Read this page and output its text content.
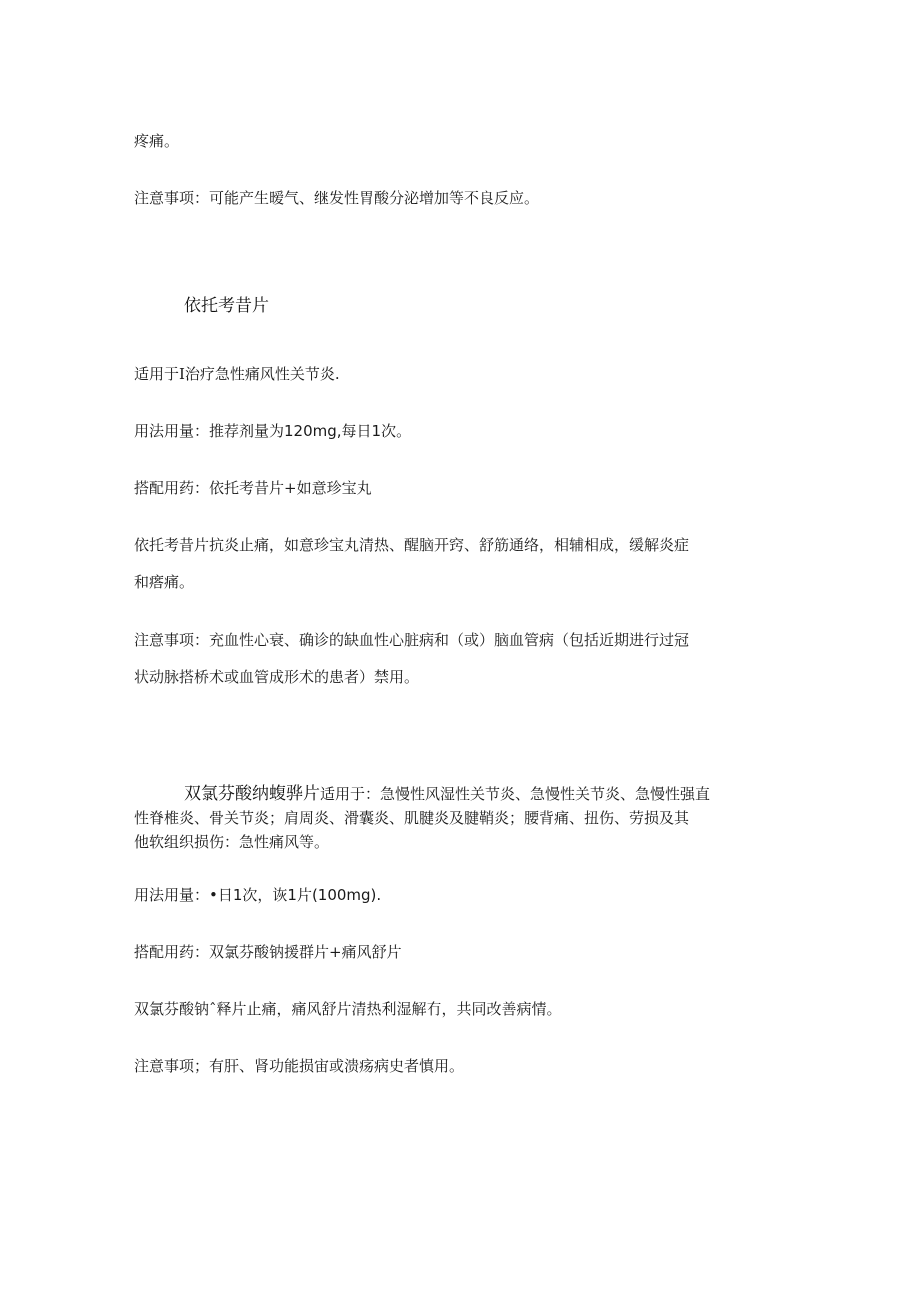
疼痛。
注意事项：可能产生暧气、继发性胃酸分泌增加等不良反应。
依托考昔片
适用于I治疗急性痛风性关节炎.
用法用量：推荐剂量为120mg,每日1次。
搭配用药：依托考昔片+如意珍宝丸
依托考昔片抗炎止痛，如意珍宝丸清热、醒脑开窍、舒筋通络，相辅相成，缓解炎症
和瘩痛。
注意事项：充血性心衰、确诊的缺血性心脏病和（或）脑血管病（包括近期进行过冠
状动脉搭桥术或血管成形术的患者）禁用。
双氯芬酸纳蝮骅片适用于：急慢性风湿性关节炎、急慢性关节炎、急慢性强直
性脊椎炎、骨关节炎；肩周炎、滑囊炎、肌腱炎及腱鞘炎；腰背痛、扭伤、劳损及其
他软组织损伤：急性痛风等。
用法用量：•日1次，诙1片(100mg).
搭配用药：双氯芬酸钠援群片+痛风舒片
双氯芬酸钠ˆ释片止痛，痛风舒片清热利湿解冇，共同改善病情。
注意事项；有肝、肾功能损宙或溃疡病史者慎用。
